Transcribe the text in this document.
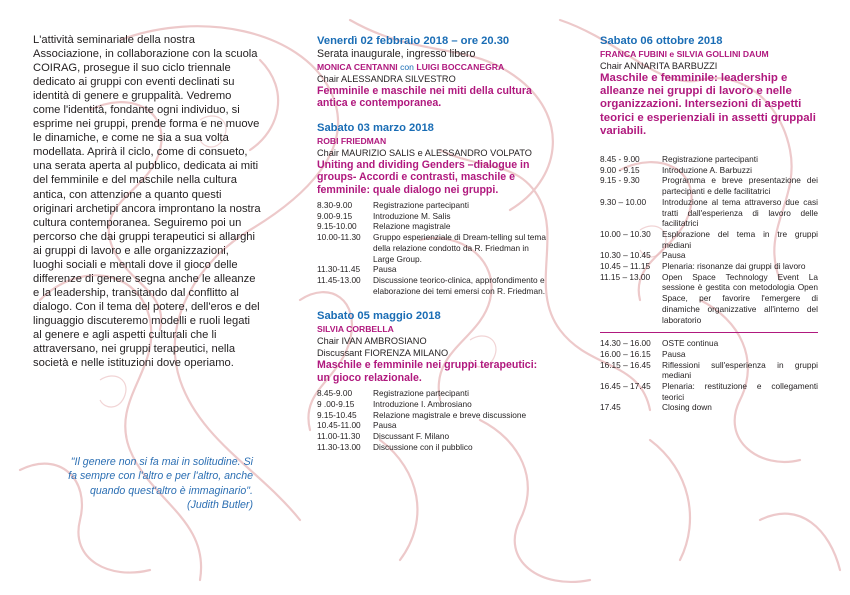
L'attività seminariale della nostra Associazione, in collaborazione con la scuola COIRAG, prosegue il suo ciclo triennale dedicato ai gruppi con eventi declinati su identità di genere e gruppalità. Vedremo come l'identità, fondante ogni individuo, si esprime nei gruppi, prende forma e ne muove le dinamiche, e come ne sia a sua volta modellata. Aprirà il ciclo, come di consueto, una serata aperta al pubblico, dedicata ai miti del femminile e del maschile nella cultura antica, con attenzione a quanto questi originari archetipi ancora improntano la nostra cultura contemporanea. Seguiremo poi un percorso che dai gruppi terapeutici si allarghi ai gruppi di lavoro e alle organizzazioni, luoghi sociali e mentali dove il gioco delle differenze di genere segna anche le alleanze e la leadership, transitando dal conflitto al dialogo. Con il tema del potere, dell'eros e del linguaggio discuteremo modelli e ruoli legati al genere e agli aspetti culturali che li attraversano, nei gruppi terapeutici, nella società e nelle istituzioni dove operiamo.

"Il genere non si fa mai in solitudine. Si fa sempre con l'altro e per l'altro, anche quando quest'altro è immaginario".
(Judith Butler)
Venerdì 02 febbraio 2018 – ore 20.30
Serata inaugurale, ingresso libero
MONICA CENTANNI con LUIGI BOCCANEGRA
Chair ALESSANDRA SILVESTRO
Femminile e maschile nei miti della cultura antica e contemporanea.
Sabato 03 marzo 2018
ROBI FRIEDMAN
Chair MAURIZIO SALIS e ALESSANDRO VOLPATO
Uniting and dividing Genders –dialogue in groups- Accordi e contrasti, maschile e femminile: quale dialogo nei gruppi.
8.30-9.00	Registrazione partecipanti
9.00-9.15	Introduzione M. Salis
9.15-10.00	Relazione magistrale
10.00-11.30	Gruppo esperienziale di Dream-telling sul tema della relazione condotto da R. Friedman in Large Group.
11.30-11.45	Pausa
11.45-13.00	Discussione teorico-clinica, approfondimento e elaborazione dei temi emersi con R. Friedman.
Sabato 05 maggio 2018
SILVIA CORBELLA
Chair IVAN AMBROSIANO
Discussant FIORENZA MILANO
Maschile e femminile nei gruppi terapeutici: un gioco relazionale.
8.45-9.00	Registrazione partecipanti
9 .00-9.15	Introduzione I. Ambrosiano
9.15-10.45	Relazione magistrale e breve discussione
10.45-11.00	Pausa
11.00-11.30	Discussant F. Milano
11.30-13.00	Discussione con il pubblico
Sabato 06 ottobre 2018
FRANCA FUBINI e SILVIA GOLLINI DAUM
Chair ANNARITA BARBUZZI
Maschile e femminile: leadership e alleanze nei gruppi di lavoro e nelle organizzazioni. Intersezioni di aspetti teorici e esperienziali in assetti gruppali variabili.
8.45 - 9.00	Registrazione partecipanti
9.00 - 9.15	Introduzione A. Barbuzzi
9.15 - 9.30	Programma e breve presentazione dei partecipanti e delle facilitatrici
9.30 – 10.00	Introduzione al tema attraverso due casi tratti dall'esperienza di lavoro delle facilitatrici
10.00 – 10.30	Esplorazione del tema in tre gruppi mediani
10.30 – 10.45	Pausa
10.45 – 11.15	Plenaria: risonanze dai gruppi di lavoro
11.15 – 13.00	Open Space Technology Event La sessione è gestita con metodologia Open Space, per favorire l'emergere di dinamiche organizzative all'interno del laboratorio
14.30 – 16.00	OSTE continua
16.00 – 16.15	Pausa
16.15 – 16.45	Riflessioni sull'esperienza in gruppi mediani
16.45 – 17.45	Plenaria: restituzione e collegamenti teorici
17.45	Closing down
